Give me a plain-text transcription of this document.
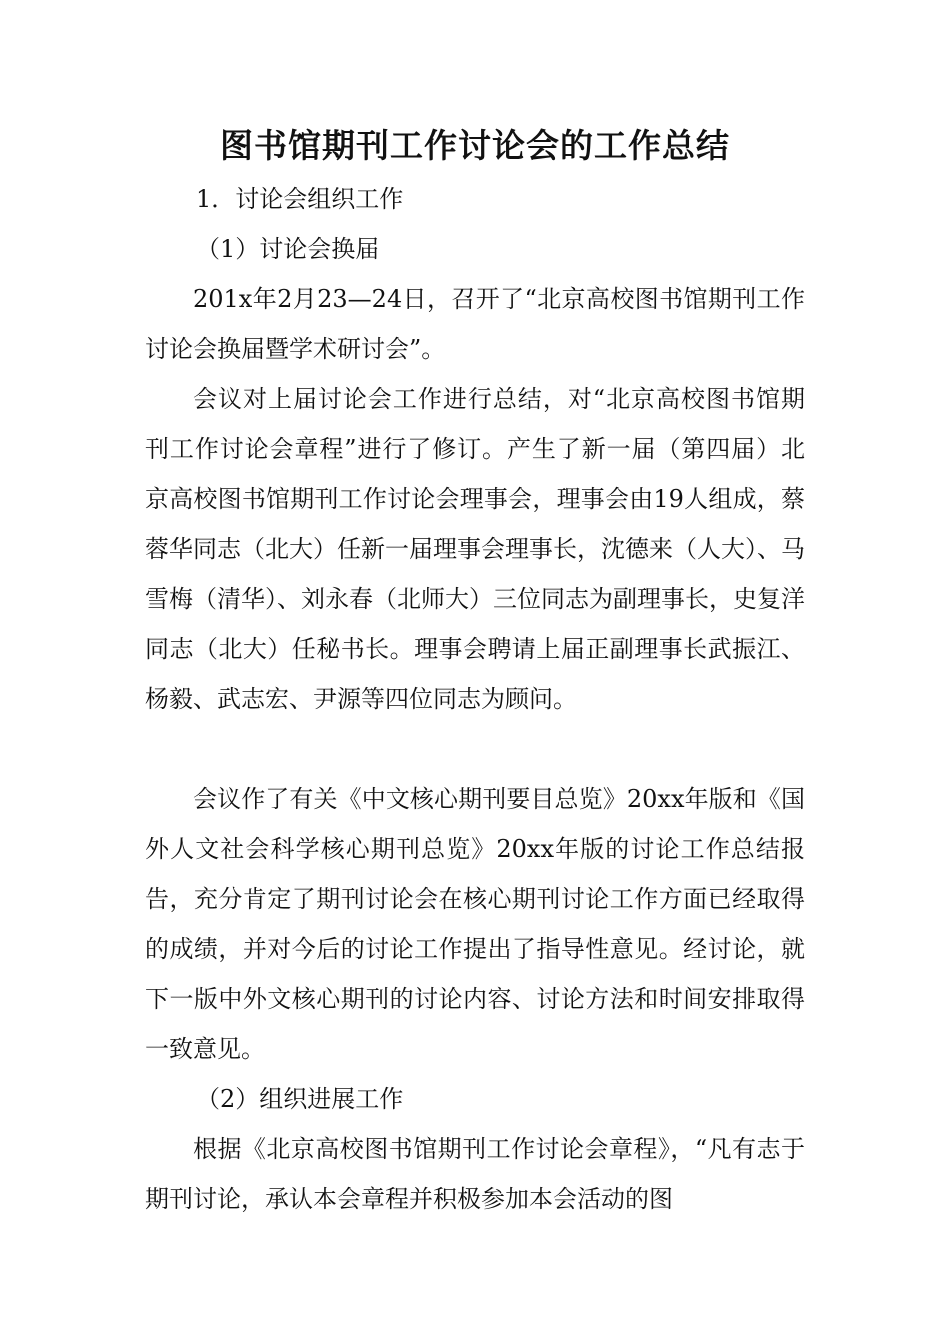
图书馆期刊工作讨论会的工作总结

1．讨论会组织工作

（1）讨论会换届

201x年2月23—24日，召开了“北京高校图书馆期刊工作讨论会换届暨学术研讨会”。

会议对上届讨论会工作进行总结，对“北京高校图书馆期刊工作讨论会章程”进行了修订。产生了新一届（第四届）北京高校图书馆期刊工作讨论会理事会，理事会由19人组成，蔡蓉华同志（北大）任新一届理事会理事长，沈德来（人大）、马雪梅（清华）、刘永春（北师大）三位同志为副理事长，史复洋同志（北大）任秘书长。理事会聘请上届正副理事长武振江、杨毅、武志宏、尹源等四位同志为顾问。

会议作了有关《中文核心期刊要目总览》20xx年版和《国外人文社会科学核心期刊总览》20xx年版的讨论工作总结报告，充分肯定了期刊讨论会在核心期刊讨论工作方面已经取得的成绩，并对今后的讨论工作提出了指导性意见。经讨论，就下一版中外文核心期刊的讨论内容、讨论方法和时间安排取得一致意见。

（2）组织进展工作

根据《北京高校图书馆期刊工作讨论会章程》，“凡有志于期刊讨论，承认本会章程并积极参加本会活动的图
